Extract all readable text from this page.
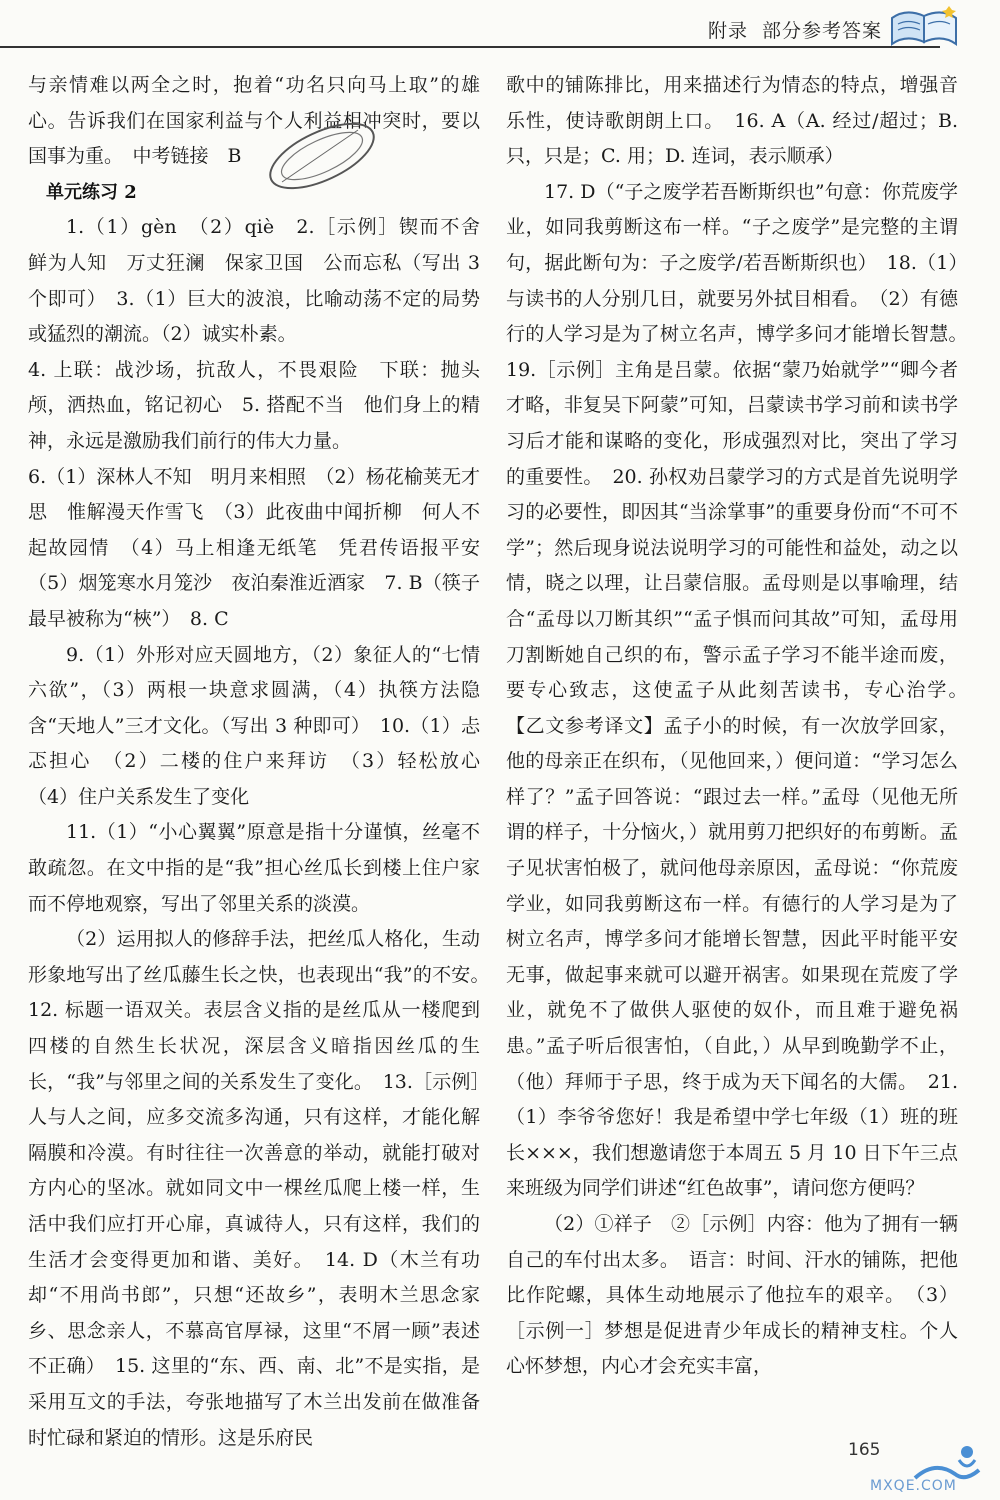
附录 部分参考答案

与亲情难以两全之时，抱着“功名只向马上取”的雄心。告诉我们在国家利益与个人利益相冲突时，要以国事为重。　中考链接　B

　单元练习 2

1.（1）gèn　（2）qiè　2.［示例］锲而不舍　鲜为人知　万丈狂澜　保家卫国　公而忘私（写出 3 个即可）　3.（1）巨大的波浪，比喻动荡不定的局势或猛烈的潮流。（2）诚实朴素。

4. 上联：战沙场，抗敌人，不畏艰险　下联：抛头颅，洒热血，铭记初心　5. 搭配不当　他们身上的精神，永远是激励我们前行的伟大力量。

6.（1）深林人不知　明月来相照　（2）杨花榆荚无才思　惟解漫天作雪飞　（3）此夜曲中闻折柳　何人不起故园情　（4）马上相逢无纸笔　凭君传语报平安　（5）烟笼寒水月笼沙　夜泊秦淮近酒家　7. B（筷子最早被称为“梜”）　8. C

9.（1）外形对应天圆地方，（2）象征人的“七情六欲”，（3）两根一块意求圆满，（4）执筷方法隐含“天地人”三才文化。（写出 3 种即可）　10.（1）忐忑担心　（2）二楼的住户来拜访　（3）轻松放心　（4）住户关系发生了变化

11.（1）“小心翼翼”原意是指十分谨慎，丝毫不敢疏忽。在文中指的是“我”担心丝瓜长到楼上住户家而不停地观察，写出了邻里关系的淡漠。

（2）运用拟人的修辞手法，把丝瓜人格化，生动形象地写出了丝瓜藤生长之快，也表现出“我”的不安。　12. 标题一语双关。表层含义指的是丝瓜从一楼爬到四楼的自然生长状况，深层含义暗指因丝瓜的生长，“我”与邻里之间的关系发生了变化。　13.［示例］人与人之间，应多交流多沟通，只有这样，才能化解隔膜和冷漠。有时往往一次善意的举动，就能打破对方内心的坚冰。就如同文中一棵丝瓜爬上楼一样，生活中我们应打开心扉，真诚待人，只有这样，我们的生活才会变得更加和谐、美好。　14. D（木兰有功却“不用尚书郎”，只想“还故乡”，表明木兰思念家乡、思念亲人，不慕高官厚禄，这里“不屑一顾”表述不正确）　15. 这里的“东、西、南、北”不是实指，是采用互文的手法，夸张地描写了木兰出发前在做准备时忙碌和紧迫的情形。这是乐府民

歌中的铺陈排比，用来描述行为情态的特点，增强音乐性，使诗歌朗朗上口。　16. A（A. 经过/超过；B. 只，只是；C. 用；D. 连词，表示顺承）

17. D（“子之废学若吾断斯织也”句意：你荒废学业，如同我剪断这布一样。“子之废学”是完整的主谓句，据此断句为：子之废学/若吾断斯织也）　18.（1）与读书的人分别几日，就要另外拭目相看。　（2）有德行的人学习是为了树立名声，博学多问才能增长智慧。　19.［示例］主角是吕蒙。依据“蒙乃始就学”“卿今者才略，非复吴下阿蒙”可知，吕蒙读书学习前和读书学习后才能和谋略的变化，形成强烈对比，突出了学习的重要性。　20. 孙权劝吕蒙学习的方式是首先说明学习的必要性，即因其“当涂掌事”的重要身份而“不可不学”；然后现身说法说明学习的可能性和益处，动之以情，晓之以理，让吕蒙信服。孟母则是以事喻理，结合“孟母以刀断其织”“孟子惧而问其故”可知，孟母用刀割断她自己织的布，警示孟子学习不能半途而废，要专心致志，这使孟子从此刻苦读书，专心治学。　【乙文参考译文】孟子小的时候，有一次放学回家，他的母亲正在织布，（见他回来，）便问道：“学习怎么样了？”孟子回答说：“跟过去一样。”孟母（见他无所谓的样子，十分恼火，）就用剪刀把织好的布剪断。孟子见状害怕极了，就问他母亲原因，孟母说：“你荒废学业，如同我剪断这布一样。有德行的人学习是为了树立名声，博学多问才能增长智慧，因此平时能平安无事，做起事来就可以避开祸害。如果现在荒废了学业，就免不了做供人驱使的奴仆，而且难于避免祸患。”孟子听后很害怕，（自此，）从早到晚勤学不止，（他）拜师于子思，终于成为天下闻名的大儒。　21.（1）李爷爷您好！我是希望中学七年级（1）班的班长×××，我们想邀请您于本周五 5 月 10 日下午三点来班级为同学们讲述“红色故事”，请问您方便吗？

（2）①祥子　②［示例］内容：他为了拥有一辆自己的车付出太多。　语言：时间、汗水的铺陈，把他比作陀螺，具体生动地展示了他拉车的艰辛。　（3）［示例一］梦想是促进青少年成长的精神支柱。个人心怀梦想，内心才会充实丰富，

165
MXQE.COM
